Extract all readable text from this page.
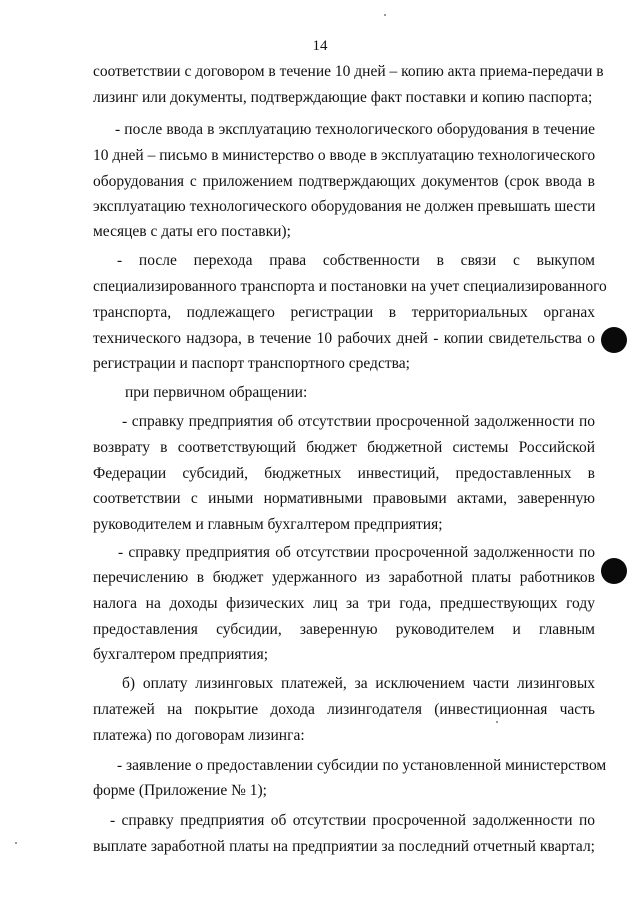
14
соответствии с договором в течение 10 дней – копию акта приема-передачи в
лизинг или документы, подтверждающие факт поставки и копию паспорта;
- после ввода в эксплуатацию технологического оборудования в течение
10 дней – письмо в министерство о вводе в эксплуатацию технологического
оборудования с приложением подтверждающих документов (срок ввода в
эксплуатацию технологического оборудования не должен превышать шести
месяцев с даты его поставки);
- после перехода права собственности в связи с выкупом
специализированного транспорта и постановки на учет специализированного
транспорта, подлежащего регистрации в территориальных органах
технического надзора, в течение 10 рабочих дней - копии свидетельства о
регистрации и паспорт транспортного средства;
при первичном обращении:
- справку предприятия об отсутствии просроченной задолженности по
возврату в соответствующий бюджет бюджетной системы Российской
Федерации субсидий, бюджетных инвестиций, предоставленных в
соответствии с иными нормативными правовыми актами, заверенную
руководителем и главным бухгалтером предприятия;
- справку предприятия об отсутствии просроченной задолженности по
перечислению в бюджет удержанного из заработной платы работников
налога на доходы физических лиц за три года, предшествующих году
предоставления субсидии, заверенную руководителем и главным
бухгалтером предприятия;
б) оплату лизинговых платежей, за исключением части лизинговых
платежей на покрытие дохода лизингодателя (инвестиционная часть
платежа) по договорам лизинга:
- заявление о предоставлении субсидии по установленной министерством
форме (Приложение № 1);
- справку предприятия об отсутствии просроченной задолженности по
выплате заработной платы на предприятии за последний отчетный квартал;
